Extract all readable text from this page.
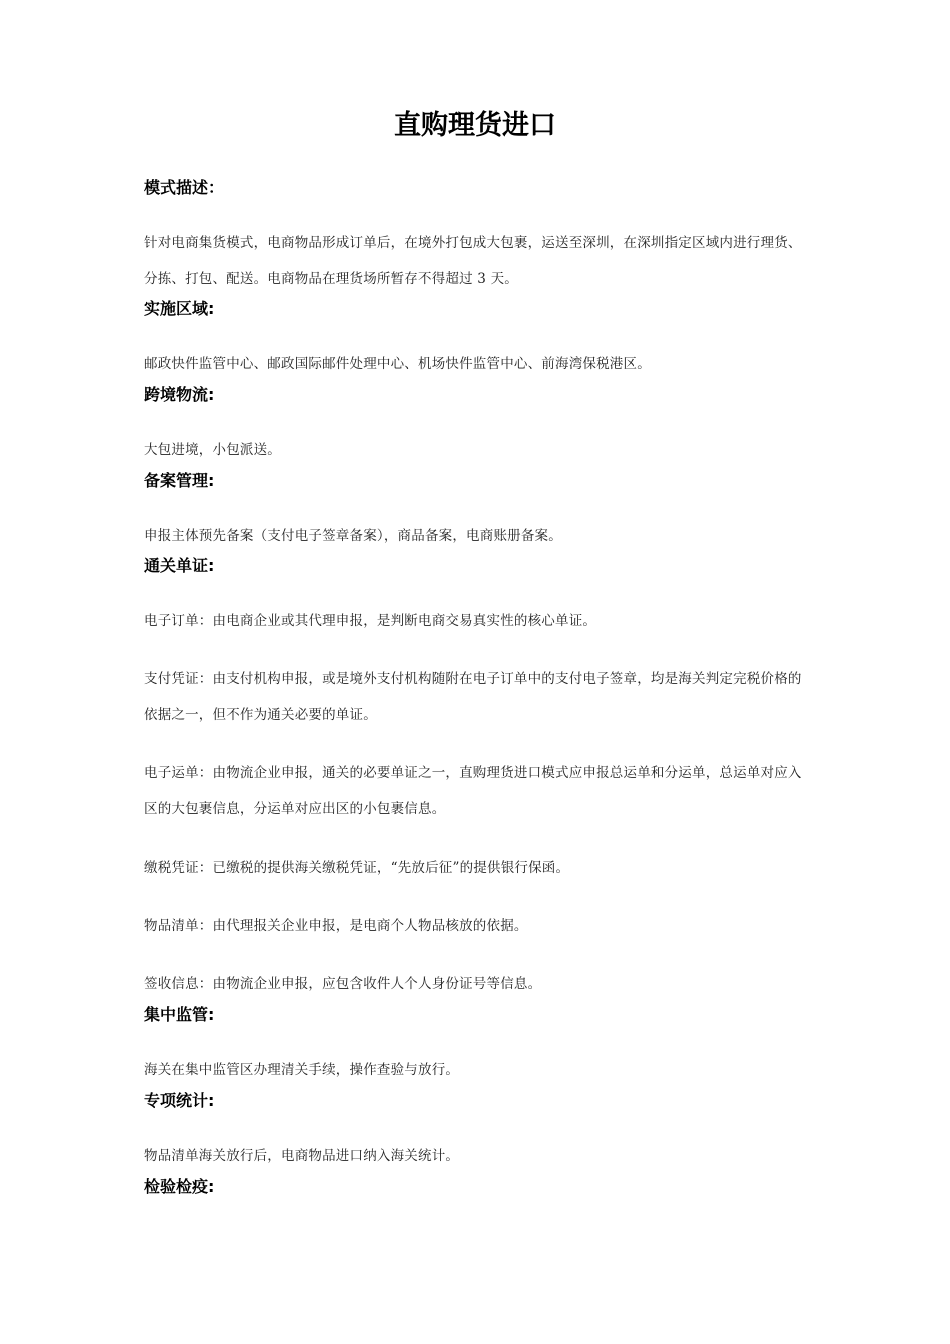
直购理货进口
模式描述：
针对电商集货模式，电商物品形成订单后，在境外打包成大包裹，运送至深圳，在深圳指定区域内进行理货、分拣、打包、配送。电商物品在理货场所暂存不得超过 3 天。
实施区域:
邮政快件监管中心、邮政国际邮件处理中心、机场快件监管中心、前海湾保税港区。
跨境物流:
大包进境，小包派送。
备案管理:
申报主体预先备案（支付电子签章备案），商品备案，电商账册备案。
通关单证:
电子订单：由电商企业或其代理申报，是判断电商交易真实性的核心单证。
支付凭证：由支付机构申报，或是境外支付机构随附在电子订单中的支付电子签章，均是海关判定完税价格的依据之一，但不作为通关必要的单证。
电子运单：由物流企业申报，通关的必要单证之一，直购理货进口模式应申报总运单和分运单，总运单对应入区的大包裹信息，分运单对应出区的小包裹信息。
缴税凭证：已缴税的提供海关缴税凭证，“先放后征”的提供银行保函。
物品清单：由代理报关企业申报，是电商个人物品核放的依据。
签收信息：由物流企业申报，应包含收件人个人身份证号等信息。
集中监管:
海关在集中监管区办理清关手续，操作查验与放行。
专项统计:
物品清单海关放行后，电商物品进口纳入海关统计。
检验检疫:
